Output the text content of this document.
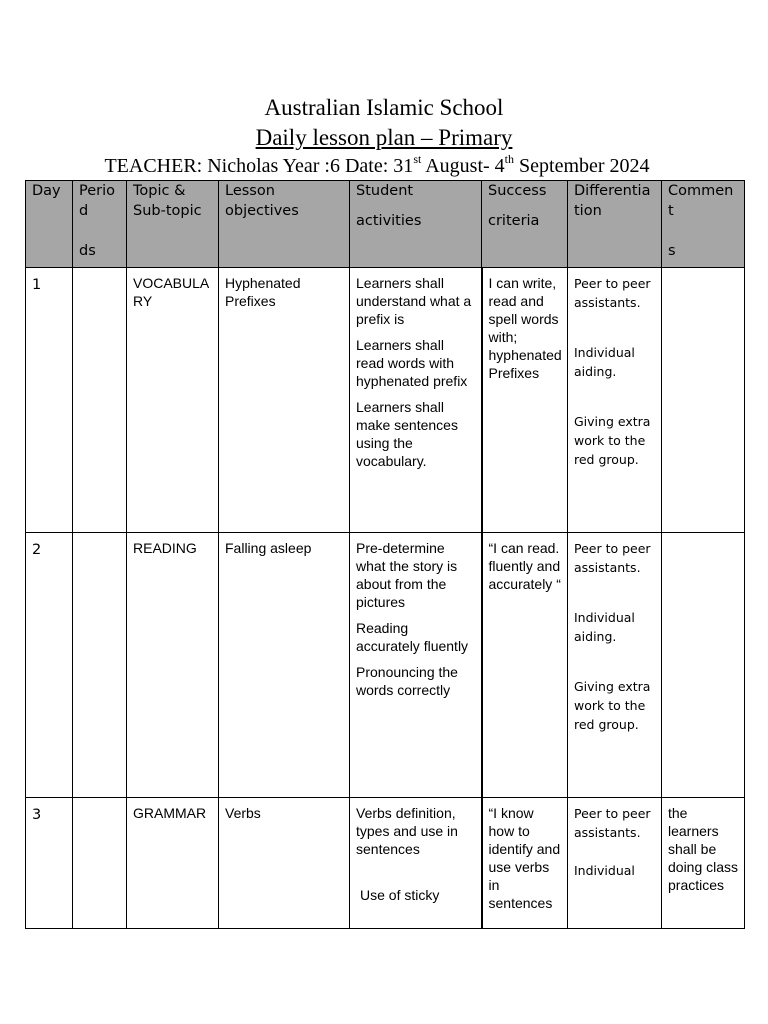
Australian Islamic School
Daily lesson plan – Primary
TEACHER: Nicholas Year :6 Date: 31st August- 4th September 2024
Day	Perio
d

ds	Topic & Sub-topic	Lesson objectives	Student

activities	Success

criteria	Differentiation	Comment

s
1		VOCABULARY	Hyphenated Prefixes	Learners shall understand what a prefix is
Learners shall read words with hyphenated prefix
Learners shall make sentences using the vocabulary.	I can write, read and spell words with; hyphenated Prefixes	Peer to peer assistants.
Individual aiding.
Giving extra work to the red group.	
2		READING	Falling asleep	Pre-determine what the story is about from the pictures
Reading accurately fluently
Pronouncing the words correctly	“I can read. fluently and accurately “	Peer to peer assistants.
Individual aiding.
Giving extra work to the red group.	
3		GRAMMAR	Verbs	Verbs definition, types and use in sentences
Use of sticky	“I know how to identify and use verbs in sentences	Peer to peer assistants.
Individual	the learners shall be doing class practices
